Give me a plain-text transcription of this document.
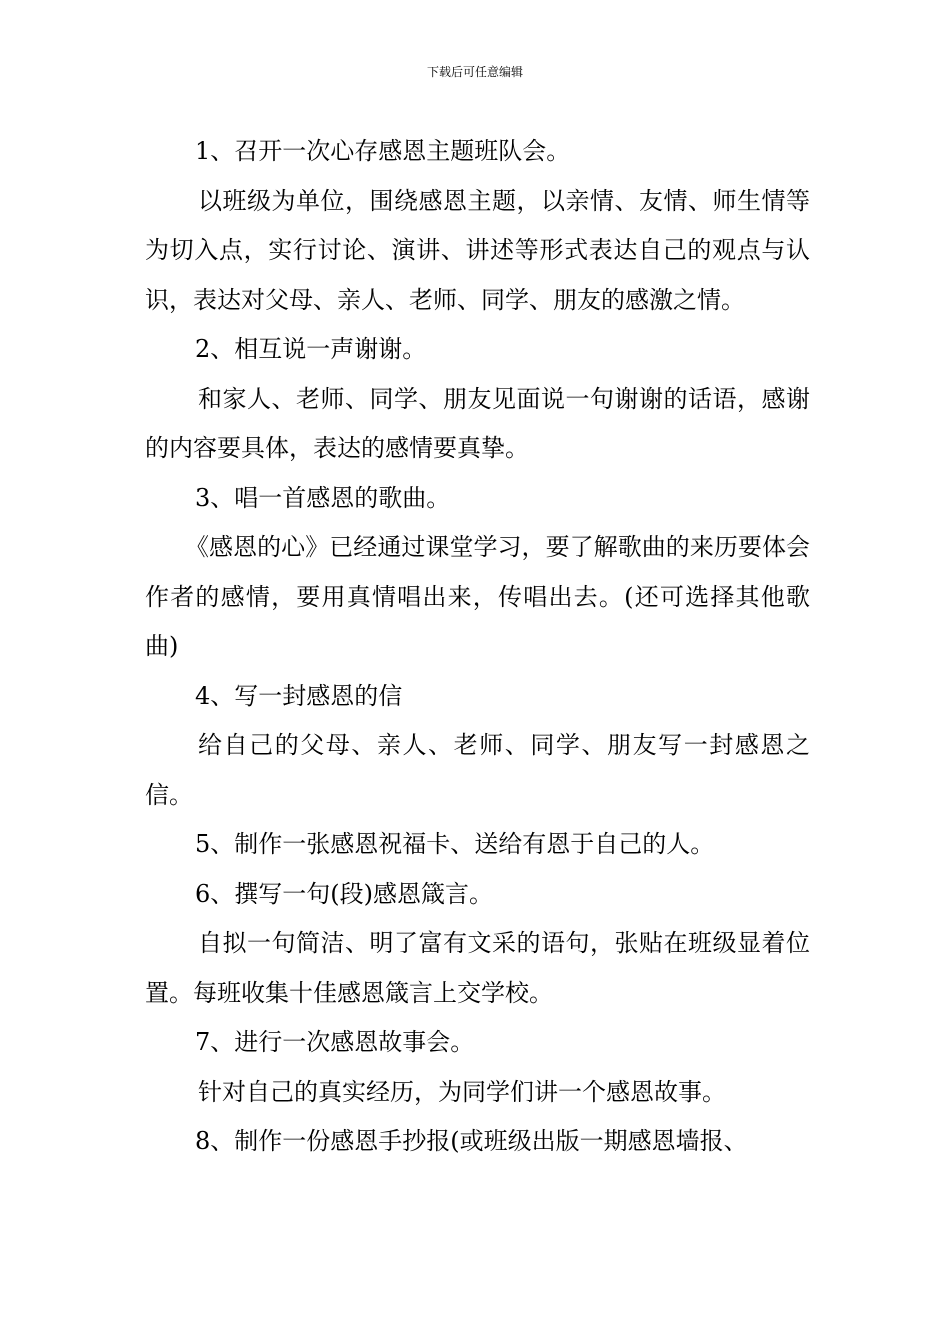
下载后可任意编辑

1、召开一次心存感恩主题班队会。

以班级为单位，围绕感恩主题，以亲情、友情、师生情等为切入点，实行讨论、演讲、讲述等形式表达自己的观点与认识，表达对父母、亲人、老师、同学、朋友的感激之情。

2、相互说一声谢谢。

和家人、老师、同学、朋友见面说一句谢谢的话语，感谢的内容要具体，表达的感情要真挚。

3、唱一首感恩的歌曲。

《感恩的心》已经通过课堂学习，要了解歌曲的来历要体会作者的感情，要用真情唱出来，传唱出去。(还可选择其他歌曲)

4、写一封感恩的信

给自己的父母、亲人、老师、同学、朋友写一封感恩之信。

5、制作一张感恩祝福卡、送给有恩于自己的人。

6、撰写一句(段)感恩箴言。

自拟一句简洁、明了富有文采的语句，张贴在班级显着位置。每班收集十佳感恩箴言上交学校。

7、进行一次感恩故事会。

针对自己的真实经历，为同学们讲一个感恩故事。

8、制作一份感恩手抄报(或班级出版一期感恩墙报、
